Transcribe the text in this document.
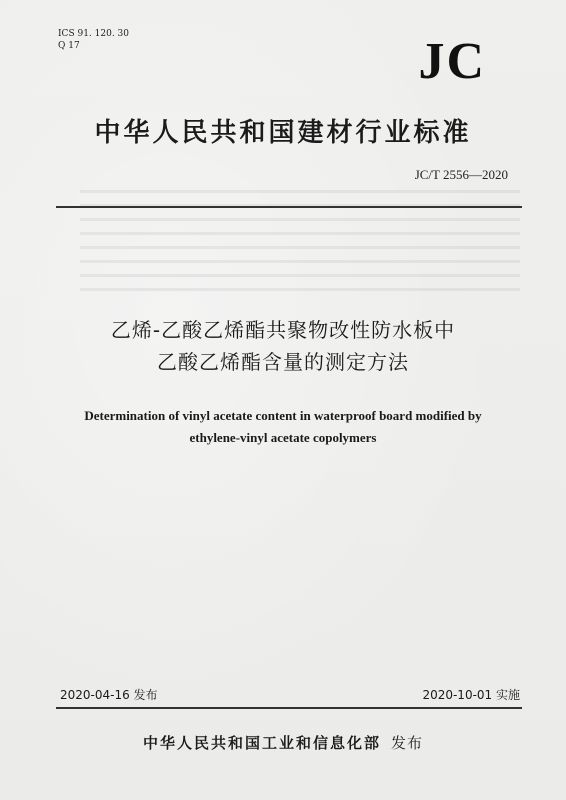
ICS 91. 120. 30
Q 17	JC
中华人民共和国建材行业标准
JC/T 2556—2020
乙烯-乙酸乙烯酯共聚物改性防水板中
乙酸乙烯酯含量的测定方法
Determination of vinyl acetate content in waterproof board modified by
ethylene-vinyl acetate copolymers
2020-04-16 发布	2020-10-01 实施
中华人民共和国工业和信息化部 发布
